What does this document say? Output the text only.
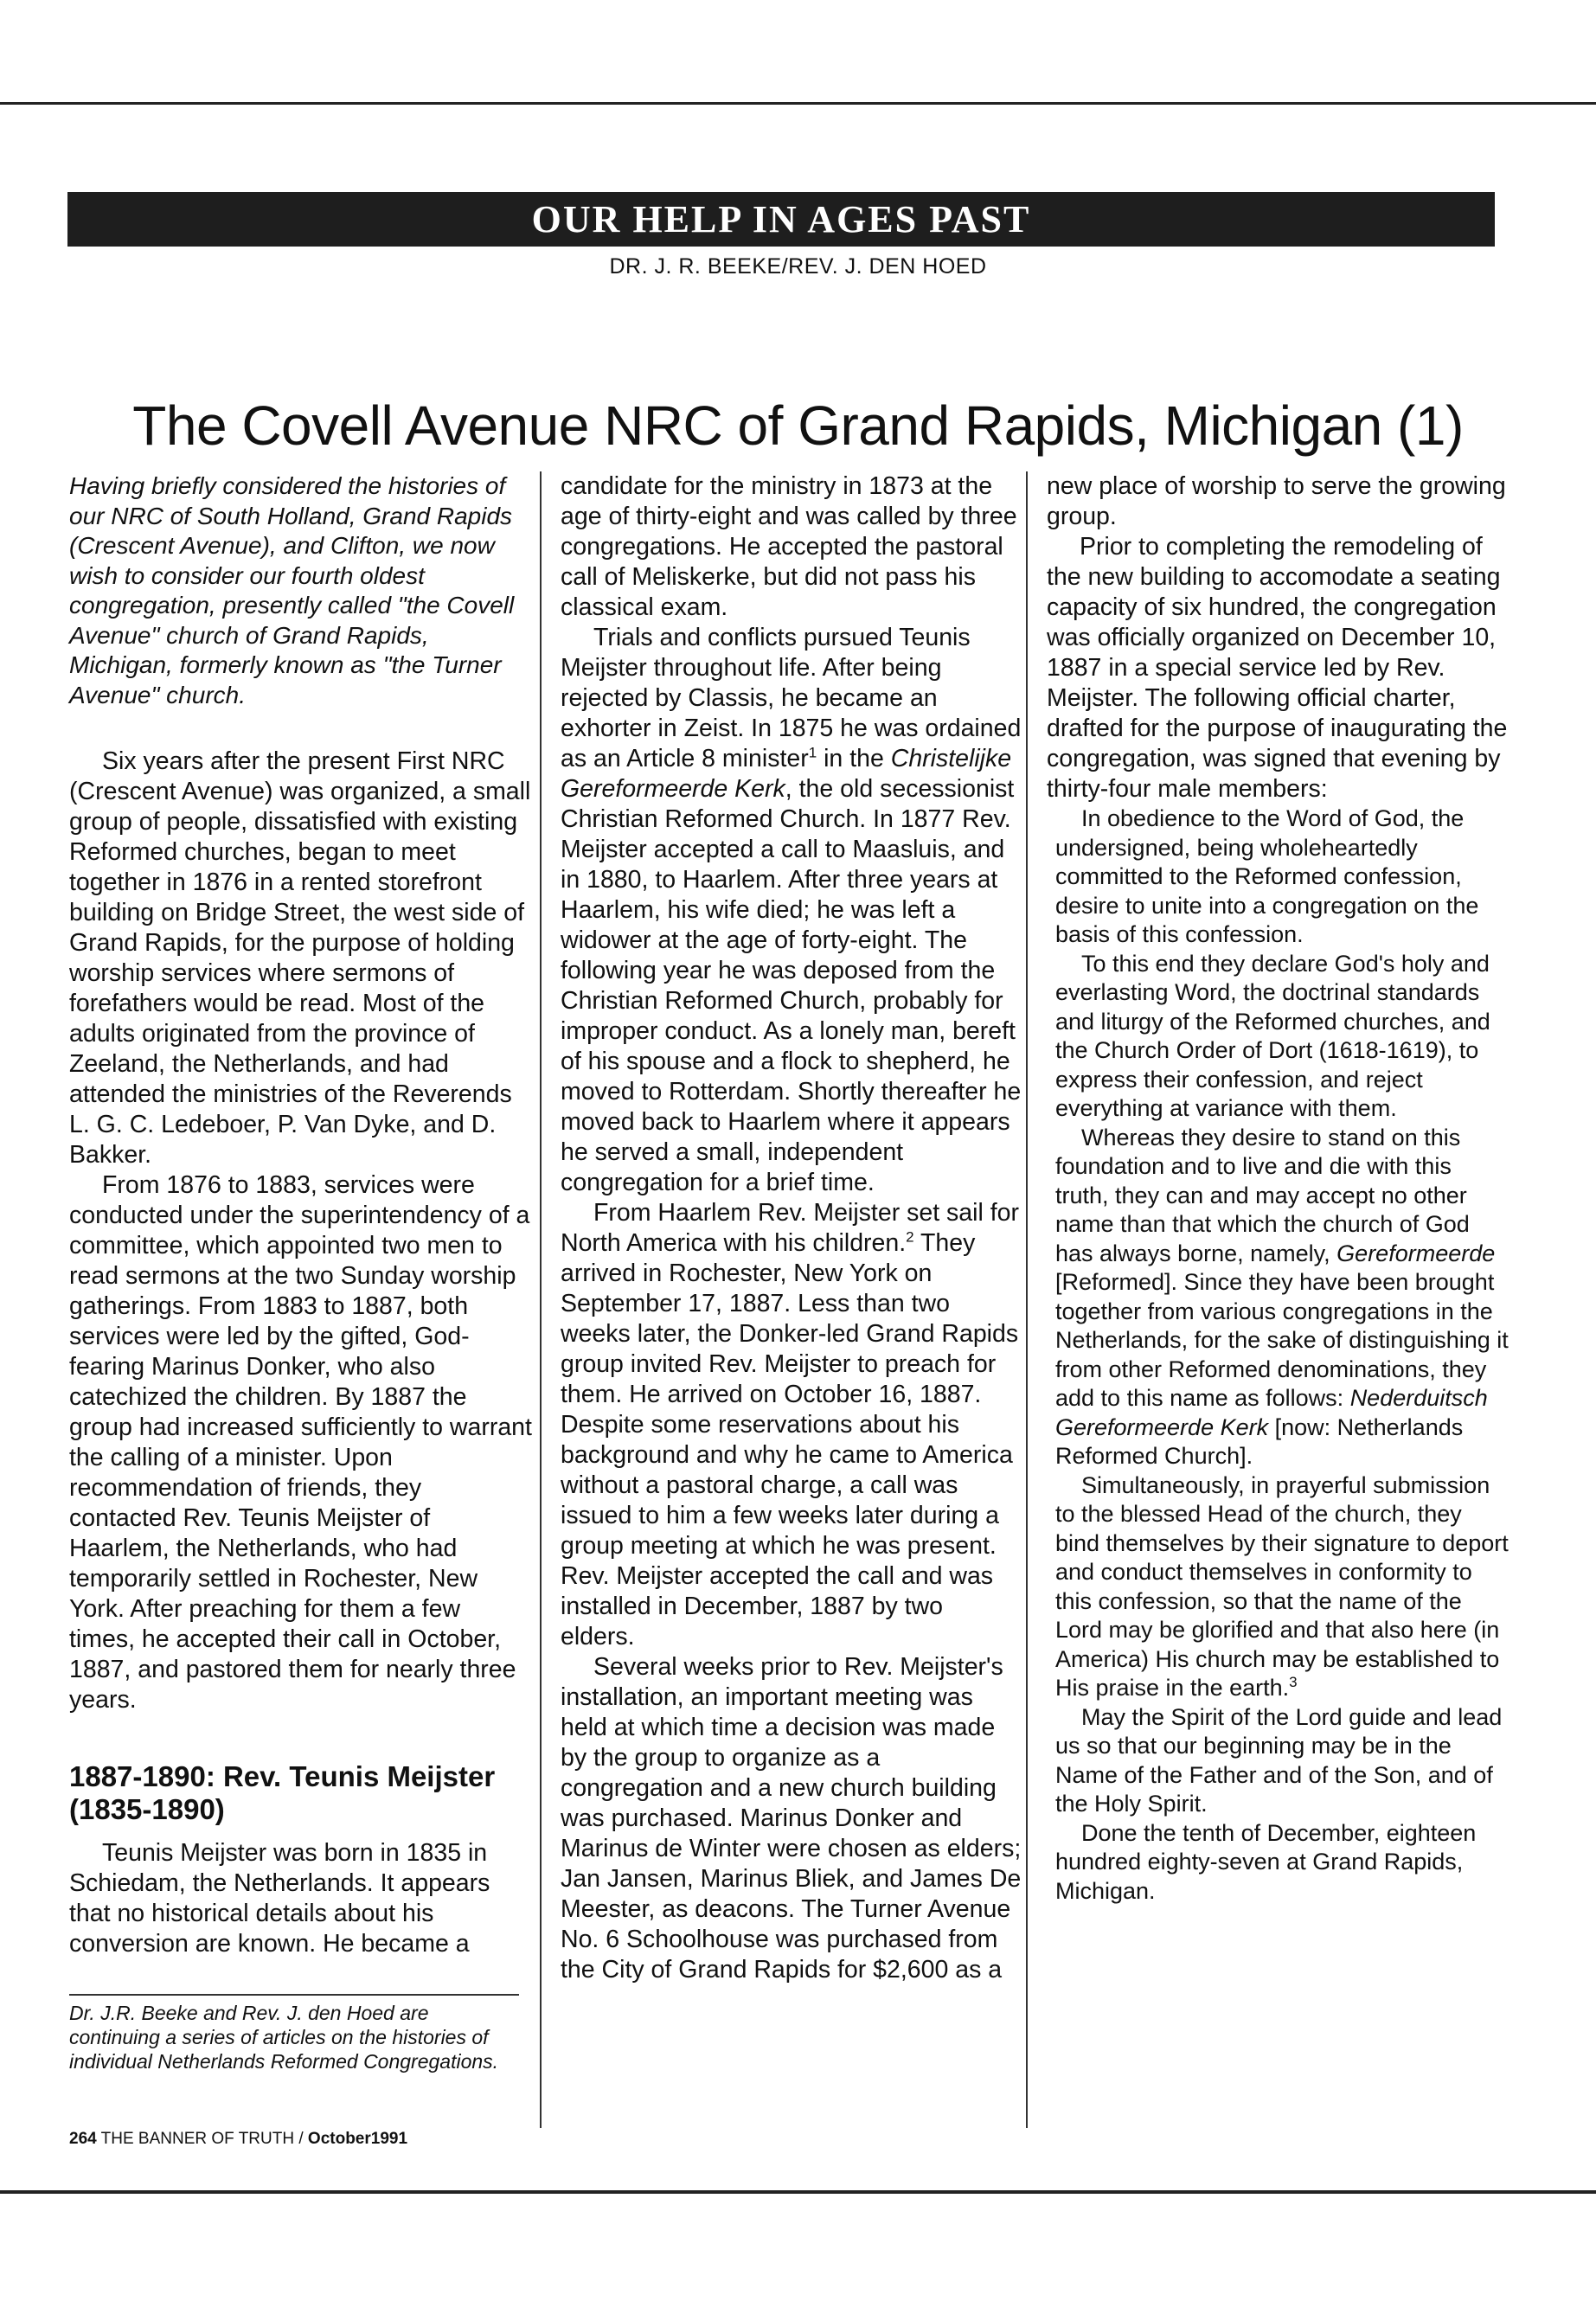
OUR HELP IN AGES PAST
DR. J. R. BEEKE/REV. J. DEN HOED
The Covell Avenue NRC of Grand Rapids, Michigan (1)

Having briefly considered the histories of our NRC of South Holland, Grand Rapids (Crescent Avenue), and Clifton, we now wish to consider our fourth oldest congregation, presently called "the Covell Avenue" church of Grand Rapids, Michigan, formerly known as "the Turner Avenue" church.

Six years after the present First NRC (Crescent Avenue) was organized, a small group of people, dissatisfied with existing Reformed churches, began to meet together in 1876 in a rented storefront building on Bridge Street, the west side of Grand Rapids, for the purpose of holding worship services where sermons of forefathers would be read. Most of the adults originated from the province of Zeeland, the Netherlands, and had attended the ministries of the Reverends L. G. C. Ledeboer, P. Van Dyke, and D. Bakker.

From 1876 to 1883, services were conducted under the superintendency of a committee, which appointed two men to read sermons at the two Sunday worship gatherings. From 1883 to 1887, both services were led by the gifted, God-fearing Marinus Donker, who also catechized the children. By 1887 the group had increased sufficiently to warrant the calling of a minister. Upon recommendation of friends, they contacted Rev. Teunis Meijster of Haarlem, the Netherlands, who had temporarily settled in Rochester, New York. After preaching for them a few times, he accepted their call in October, 1887, and pastored them for nearly three years.

1887-1890: Rev. Teunis Meijster (1835-1890)

Teunis Meijster was born in 1835 in Schiedam, the Netherlands. It appears that no historical details about his conversion are known. He became a

Dr. J.R. Beeke and Rev. J. den Hoed are continuing a series of articles on the histories of individual Netherlands Reformed Congregations.

candidate for the ministry in 1873 at the age of thirty-eight and was called by three congregations. He accepted the pastoral call of Meliskerke, but did not pass his classical exam.

Trials and conflicts pursued Teunis Meijster throughout life. After being rejected by Classis, he became an exhorter in Zeist. In 1875 he was ordained as an Article 8 minister$^1$ in the Christelijke Gereformeerde Kerk, the old secessionist Christian Reformed Church. In 1877 Rev. Meijster accepted a call to Maasluis, and in 1880, to Haarlem. After three years at Haarlem, his wife died; he was left a widower at the age of forty-eight. The following year he was deposed from the Christian Reformed Church, probably for improper conduct. As a lonely man, bereft of his spouse and a flock to shepherd, he moved to Rotterdam. Shortly thereafter he moved back to Haarlem where it appears he served a small, independent congregation for a brief time.

From Haarlem Rev. Meijster set sail for North America with his children.$^2$ They arrived in Rochester, New York on September 17, 1887. Less than two weeks later, the Donker-led Grand Rapids group invited Rev. Meijster to preach for them. He arrived on October 16, 1887. Despite some reservations about his background and why he came to America without a pastoral charge, a call was issued to him a few weeks later during a group meeting at which he was present. Rev. Meijster accepted the call and was installed in December, 1887 by two elders.

Several weeks prior to Rev. Meijster's installation, an important meeting was held at which time a decision was made by the group to organize as a congregation and a new church building was purchased. Marinus Donker and Marinus de Winter were chosen as elders; Jan Jansen, Marinus Bliek, and James De Meester, as deacons. The Turner Avenue No. 6 Schoolhouse was purchased from the City of Grand Rapids for $2,600 as a

new place of worship to serve the growing group.

Prior to completing the remodeling of the new building to accomodate a seating capacity of six hundred, the congregation was officially organized on December 10, 1887 in a special service led by Rev. Meijster. The following official charter, drafted for the purpose of inaugurating the congregation, was signed that evening by thirty-four male members:

In obedience to the Word of God, the undersigned, being wholeheartedly committed to the Reformed confession, desire to unite into a congregation on the basis of this confession.

To this end they declare God's holy and everlasting Word, the doctrinal standards and liturgy of the Reformed churches, and the Church Order of Dort (1618-1619), to express their confession, and reject everything at variance with them.

Whereas they desire to stand on this foundation and to live and die with this truth, they can and may accept no other name than that which the church of God has always borne, namely, Gereformeerde [Reformed]. Since they have been brought together from various congregations in the Netherlands, for the sake of distinguishing it from other Reformed denominations, they add to this name as follows: Nederduitsch Gereformeerde Kerk [now: Netherlands Reformed Church].

Simultaneously, in prayerful submission to the blessed Head of the church, they bind themselves by their signature to deport and conduct themselves in conformity to this confession, so that the name of the Lord may be glorified and that also here (in America) His church may be established to His praise in the earth.$^3$

May the Spirit of the Lord guide and lead us so that our beginning may be in the Name of the Father and of the Son, and of the Holy Spirit.

Done the tenth of December, eighteen hundred eighty-seven at Grand Rapids, Michigan.

264 THE BANNER OF TRUTH / October1991
